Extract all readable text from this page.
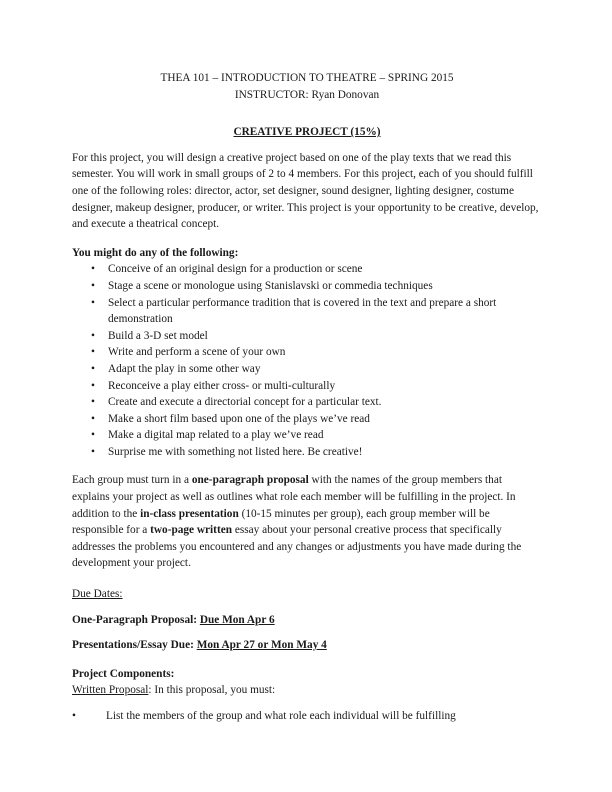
THEA 101 – INTRODUCTION TO THEATRE – SPRING 2015
INSTRUCTOR: Ryan Donovan
CREATIVE PROJECT (15%)
For this project, you will design a creative project based on one of the play texts that we read this semester. You will work in small groups of 2 to 4 members. For this project, each of you should fulfill one of the following roles: director, actor, set designer, sound designer, lighting designer, costume designer, makeup designer, producer, or writer. This project is your opportunity to be creative, develop, and execute a theatrical concept.
You might do any of the following:
• Conceive of an original design for a production or scene
• Stage a scene or monologue using Stanislavski or commedia techniques
• Select a particular performance tradition that is covered in the text and prepare a short demonstration
• Build a 3-D set model
• Write and perform a scene of your own
• Adapt the play in some other way
• Reconceive a play either cross- or multi-culturally
• Create and execute a directorial concept for a particular text.
• Make a short film based upon one of the plays we’ve read
• Make a digital map related to a play we’ve read
• Surprise me with something not listed here. Be creative!
Each group must turn in a one-paragraph proposal with the names of the group members that explains your project as well as outlines what role each member will be fulfilling in the project. In addition to the in-class presentation (10-15 minutes per group), each group member will be responsible for a two-page written essay about your personal creative process that specifically addresses the problems you encountered and any changes or adjustments you have made during the development your project.
Due Dates:
One-Paragraph Proposal: Due Mon Apr 6
Presentations/Essay Due: Mon Apr 27 or Mon May 4
Project Components:
Written Proposal: In this proposal, you must:
•	List the members of the group and what role each individual will be fulfilling
